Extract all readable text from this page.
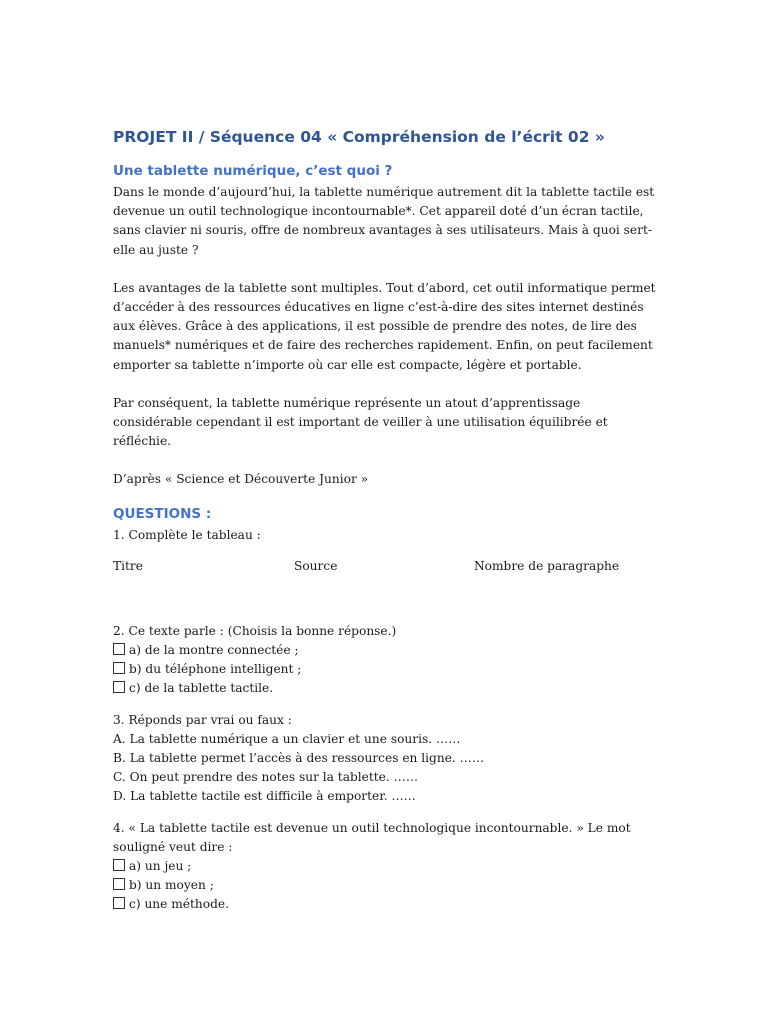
PROJET II / Séquence 04 « Compréhension de l’écrit 02 »
Une tablette numérique, c’est quoi ?

Dans le monde d’aujourd’hui, la tablette numérique autrement dit la tablette tactile est devenue un outil technologique incontournable*. Cet appareil doté d’un écran tactile, sans clavier ni souris, offre de nombreux avantages à ses utilisateurs. Mais à quoi sert-elle au juste ?

Les avantages de la tablette sont multiples. Tout d’abord, cet outil informatique permet d’accéder à des ressources éducatives en ligne c’est-à-dire des sites internet destinés aux élèves. Grâce à des applications, il est possible de prendre des notes, de lire des manuels* numériques et de faire des recherches rapidement. Enfin, on peut facilement emporter sa tablette n’importe où car elle est compacte, légère et portable.

Par conséquent, la tablette numérique représente un atout d’apprentissage considérable cependant il est important de veiller à une utilisation équilibrée et réfléchie.

D’après « Science et Découverte Junior »

QUESTIONS :

1. Complète le tableau :

Titre	Source	Nombre de paragraphe

2. Ce texte parle : (Choisis la bonne réponse.)

a) de la montre connectée ;

b) du téléphone intelligent ;

c) de la tablette tactile.

3. Réponds par vrai ou faux :

A. La tablette numérique a un clavier et une souris. ……

B. La tablette permet l’accès à des ressources en ligne. ……

C. On peut prendre des notes sur la tablette. ……

D. La tablette tactile est difficile à emporter. ……

4. « La tablette tactile est devenue un outil technologique incontournable. » Le mot souligné veut dire :

a) un jeu ;

b) un moyen ;

c) une méthode.
